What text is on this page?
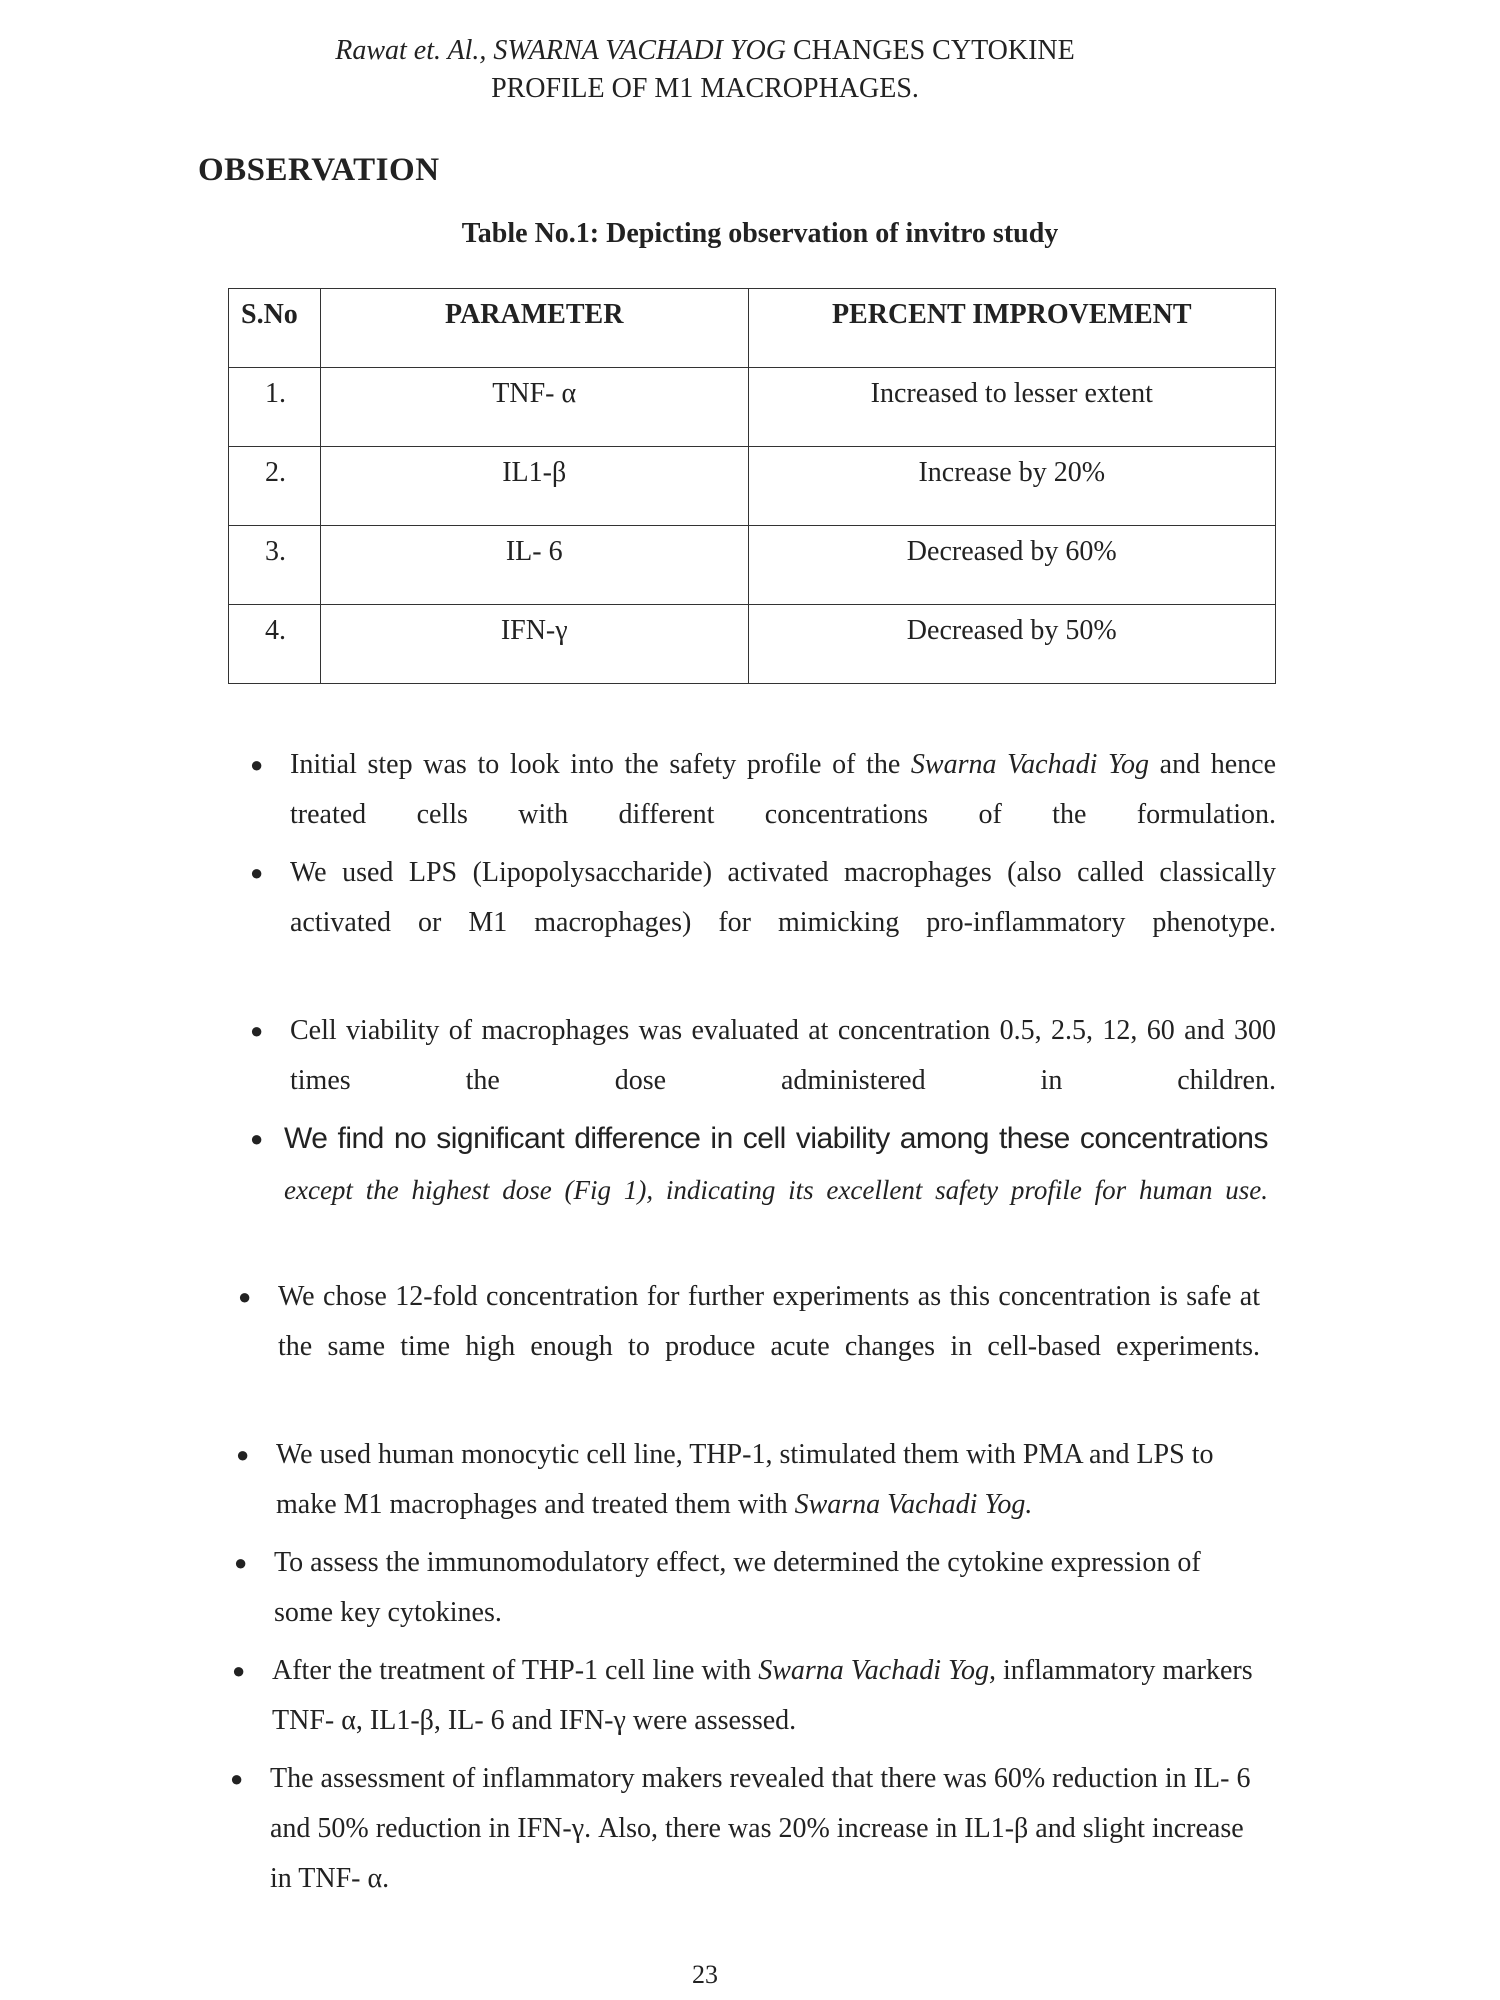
Rawat et. Al., SWARNA VACHADI YOG CHANGES CYTOKINE
PROFILE OF M1 MACROPHAGES.
OBSERVATION
Table No.1: Depicting observation of invitro study
S.No	PARAMETER	PERCENT IMPROVEMENT
1.	TNF- α	Increased to lesser extent
2.	IL1-β	Increase by 20%
3.	IL- 6	Decreased by 60%
4.	IFN-γ	Decreased by 50%
● Initial step was to look into the safety profile of the Swarna Vachadi Yog and hence treated cells with different concentrations of the formulation.
● We used LPS (Lipopolysaccharide) activated macrophages (also called classically activated or M1 macrophages) for mimicking pro-inflammatory phenotype.
● Cell viability of macrophages was evaluated at concentration 0.5, 2.5, 12, 60 and 300 times the dose administered in children.
● We find no significant difference in cell viability among these concentrations except the highest dose (Fig 1), indicating its excellent safety profile for human use.
● We chose 12-fold concentration for further experiments as this concentration is safe at the same time high enough to produce acute changes in cell-based experiments.
● We used human monocytic cell line, THP-1, stimulated them with PMA and LPS to make M1 macrophages and treated them with Swarna Vachadi Yog.
● To assess the immunomodulatory effect, we determined the cytokine expression of some key cytokines.
● After the treatment of THP-1 cell line with Swarna Vachadi Yog, inflammatory markers TNF- α, IL1-β, IL- 6 and IFN-γ were assessed.
● The assessment of inflammatory makers revealed that there was 60% reduction in IL- 6 and 50% reduction in IFN-γ. Also, there was 20% increase in IL1-β and slight increase in TNF- α.
23
